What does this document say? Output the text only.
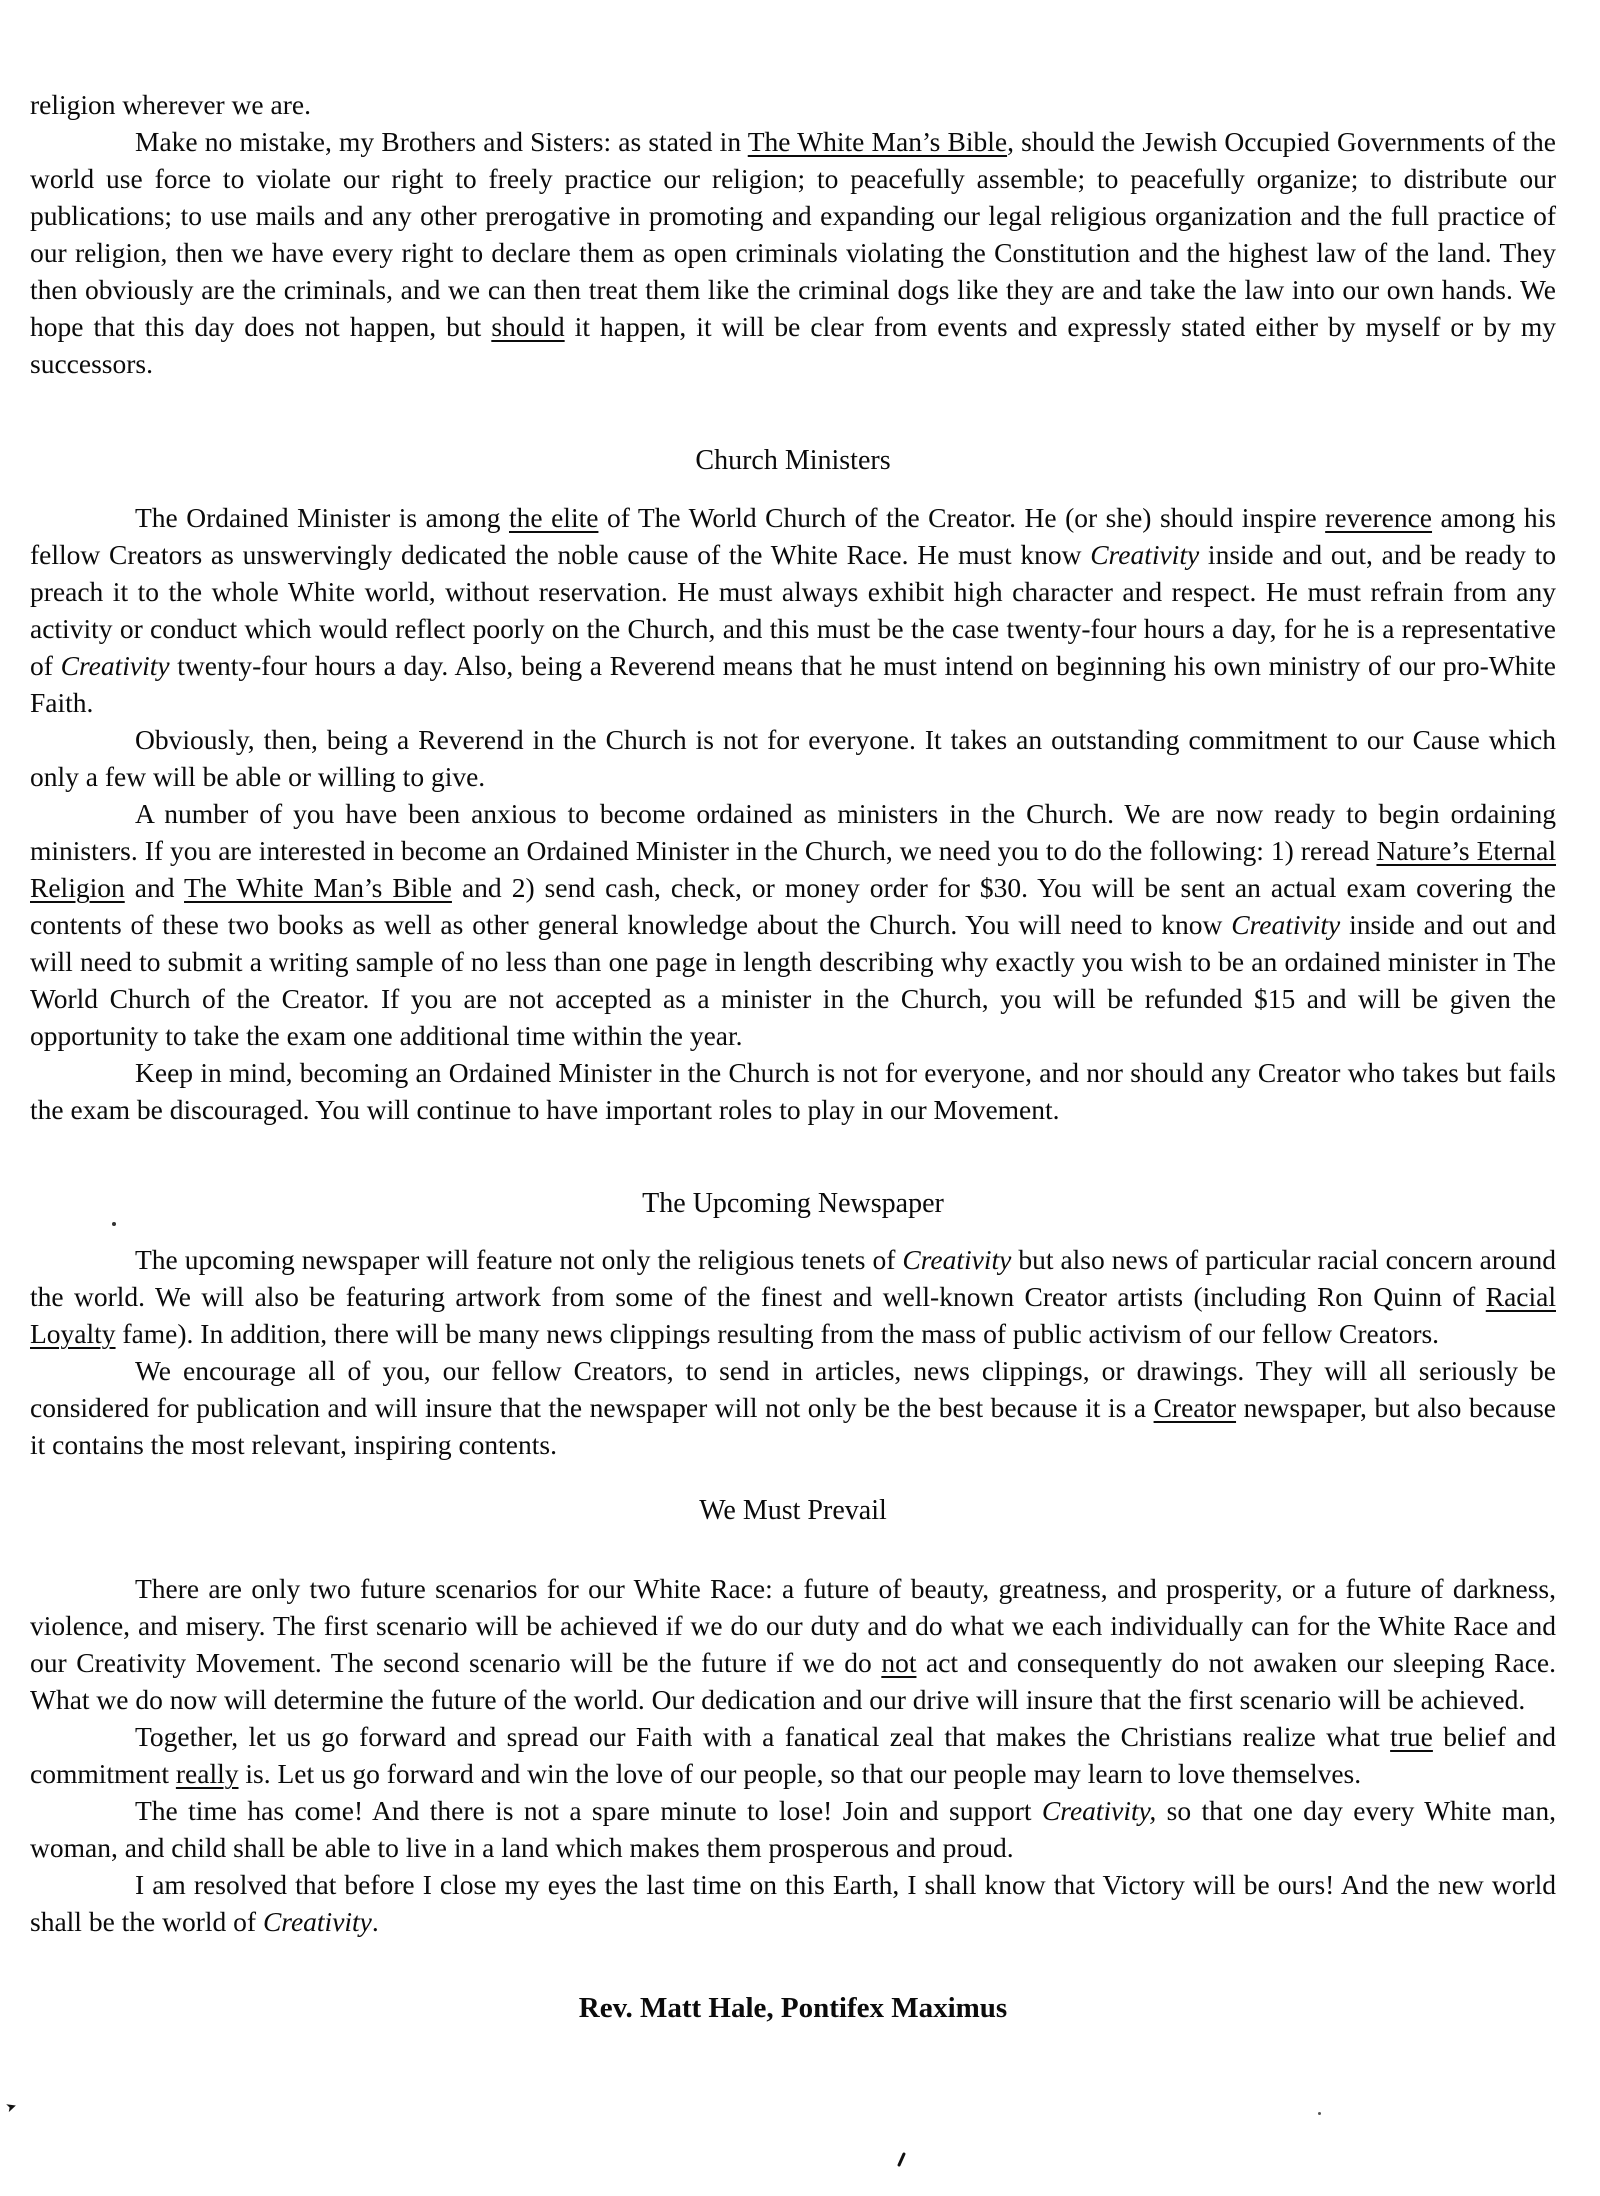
religion wherever we are.

Make no mistake, my Brothers and Sisters: as stated in The White Man’s Bible, should the Jewish Occupied Governments of the world use force to violate our right to freely practice our religion; to peacefully assemble; to peacefully organize; to distribute our publications; to use mails and any other prerogative in promoting and expanding our legal religious organization and the full practice of our religion, then we have every right to declare them as open criminals violating the Constitution and the highest law of the land. They then obviously are the criminals, and we can then treat them like the criminal dogs like they are and take the law into our own hands. We hope that this day does not happen, but should it happen, it will be clear from events and expressly stated either by myself or by my successors.

Church Ministers

The Ordained Minister is among the elite of The World Church of the Creator. He (or she) should inspire reverence among his fellow Creators as unswervingly dedicated the noble cause of the White Race. He must know Creativity inside and out, and be ready to preach it to the whole White world, without reservation. He must always exhibit high character and respect. He must refrain from any activity or conduct which would reflect poorly on the Church, and this must be the case twenty-four hours a day, for he is a representative of Creativity twenty-four hours a day. Also, being a Reverend means that he must intend on beginning his own ministry of our pro-White Faith.

Obviously, then, being a Reverend in the Church is not for everyone. It takes an outstanding commitment to our Cause which only a few will be able or willing to give.

A number of you have been anxious to become ordained as ministers in the Church. We are now ready to begin ordaining ministers. If you are interested in become an Ordained Minister in the Church, we need you to do the following: 1) reread Nature’s Eternal Religion and The White Man’s Bible and 2) send cash, check, or money order for $30. You will be sent an actual exam covering the contents of these two books as well as other general knowledge about the Church. You will need to know Creativity inside and out and will need to submit a writing sample of no less than one page in length describing why exactly you wish to be an ordained minister in The World Church of the Creator. If you are not accepted as a minister in the Church, you will be refunded $15 and will be given the opportunity to take the exam one additional time within the year.

Keep in mind, becoming an Ordained Minister in the Church is not for everyone, and nor should any Creator who takes but fails the exam be discouraged. You will continue to have important roles to play in our Movement.

The Upcoming Newspaper

The upcoming newspaper will feature not only the religious tenets of Creativity but also news of particular racial concern around the world. We will also be featuring artwork from some of the finest and well-known Creator artists (including Ron Quinn of Racial Loyalty fame). In addition, there will be many news clippings resulting from the mass of public activism of our fellow Creators.

We encourage all of you, our fellow Creators, to send in articles, news clippings, or drawings. They will all seriously be considered for publication and will insure that the newspaper will not only be the best because it is a Creator newspaper, but also because it contains the most relevant, inspiring contents.

We Must Prevail

There are only two future scenarios for our White Race: a future of beauty, greatness, and prosperity, or a future of darkness, violence, and misery. The first scenario will be achieved if we do our duty and do what we each individually can for the White Race and our Creativity Movement. The second scenario will be the future if we do not act and consequently do not awaken our sleeping Race. What we do now will determine the future of the world. Our dedication and our drive will insure that the first scenario will be achieved.

Together, let us go forward and spread our Faith with a fanatical zeal that makes the Christians realize what true belief and commitment really is. Let us go forward and win the love of our people, so that our people may learn to love themselves.

The time has come! And there is not a spare minute to lose! Join and support Creativity, so that one day every White man, woman, and child shall be able to live in a land which makes them prosperous and proud.

I am resolved that before I close my eyes the last time on this Earth, I shall know that Victory will be ours! And the new world shall be the world of Creativity.

Rev. Matt Hale, Pontifex Maximus
➤
